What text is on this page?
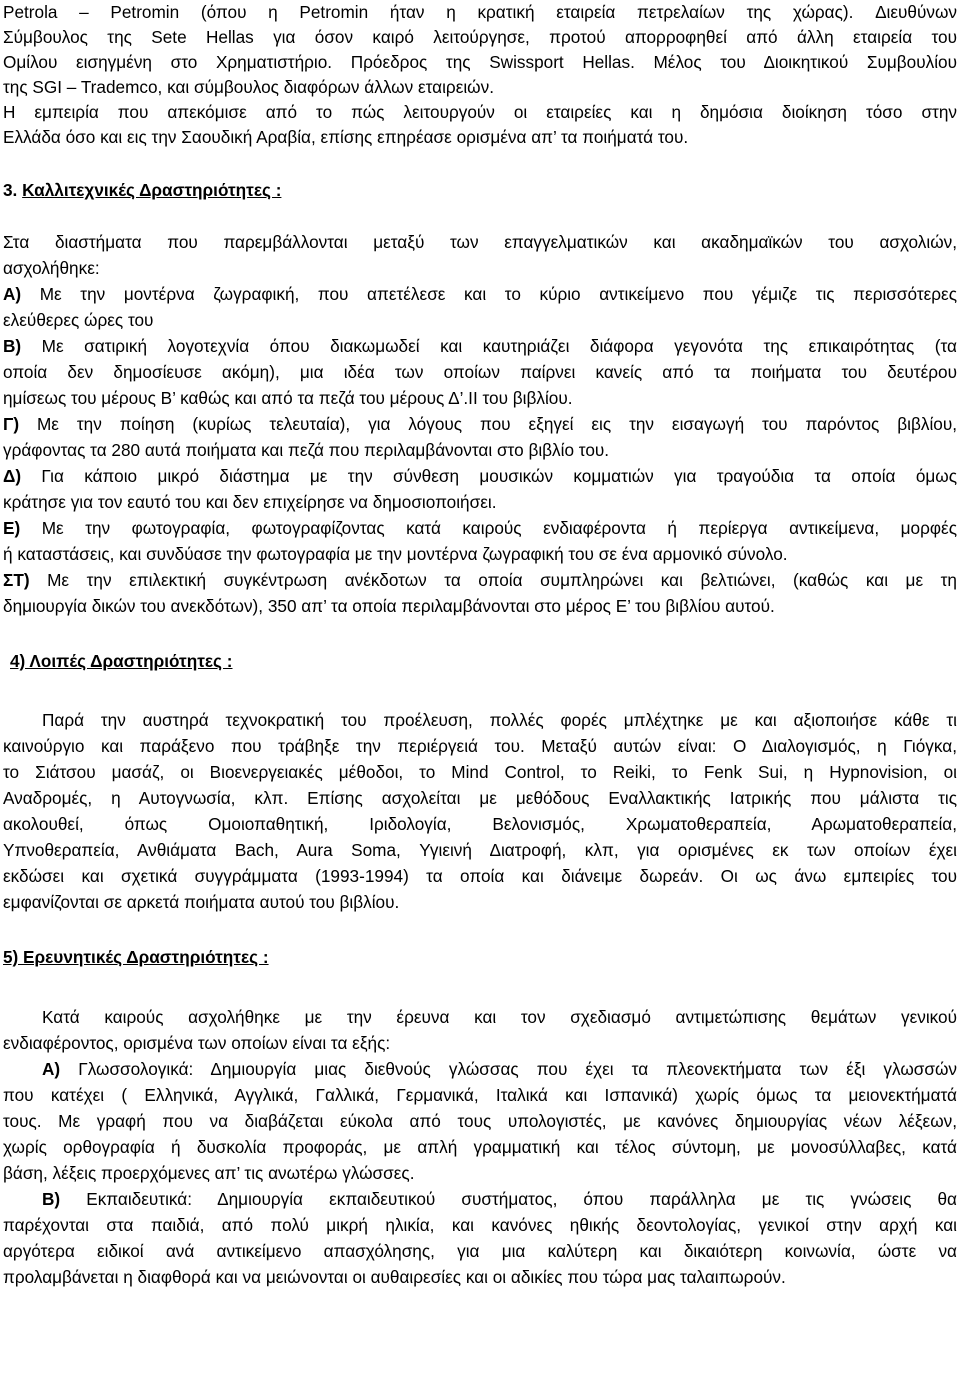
Petrola – Petromin (όπου η Petromin ήταν η κρατική εταιρεία πετρελαίων της χώρας). Διευθύνων
Σύμβουλος της Sete Hellas για όσον καιρό λειτούργησε, προτού απορροφηθεί από άλλη εταιρεία του
Ομίλου εισηγμένη στο Χρηματιστήριο. Πρόεδρος της Swissport Hellas. Μέλος του Διοικητικού Συμβουλίου
της SGI – Trademco, και σύμβουλος διαφόρων άλλων εταιρειών.
Η εμπειρία που απεκόμισε από το πώς λειτουργούν οι εταιρείες και η δημόσια διοίκηση τόσο στην
Ελλάδα όσο και εις την Σαουδική Αραβία, επίσης επηρέασε ορισμένα απ’ τα ποιήματά του.
3. Καλλιτεχνικές Δραστηριότητες :
Στα διαστήματα που παρεμβάλλονται μεταξύ των επαγγελματικών και ακαδημαϊκών του ασχολιών,
ασχολήθηκε:
Α) Με την μοντέρνα ζωγραφική, που απετέλεσε και το κύριο αντικείμενο που γέμιζε τις περισσότερες
ελεύθερες ώρες του
Β) Με σατιρική λογοτεχνία όπου διακωμωδεί και καυτηριάζει διάφορα γεγονότα της επικαιρότητας (τα
οποία δεν δημοσίευσε ακόμη), μια ιδέα των οποίων παίρνει κανείς από τα ποιήματα του δευτέρου
ημίσεως του μέρους Β’ καθώς και από τα πεζά του μέρους Δ’.ΙΙ του βιβλίου.
Γ) Με την ποίηση (κυρίως τελευταία), για λόγους που εξηγεί εις την εισαγωγή του παρόντος βιβλίου,
γράφοντας τα 280 αυτά ποιήματα και πεζά που περιλαμβάνονται στο βιβλίο του.
Δ) Για κάποιο μικρό διάστημα με την σύνθεση μουσικών κομματιών για τραγούδια τα οποία όμως
κράτησε για τον εαυτό του και δεν επιχείρησε να δημοσιοποιήσει.
Ε) Με την φωτογραφία, φωτογραφίζοντας κατά καιρούς ενδιαφέροντα ή περίεργα αντικείμενα, μορφές
ή καταστάσεις, και συνδύασε την φωτογραφία με την μοντέρνα ζωγραφική του σε ένα αρμονικό σύνολο.
ΣΤ) Με την επιλεκτική συγκέντρωση ανέκδοτων τα οποία συμπληρώνει και βελτιώνει, (καθώς και με τη
δημιουργία δικών του ανεκδότων), 350 απ’ τα οποία περιλαμβάνονται στο μέρος Ε’ του βιβλίου αυτού.
4) Λοιπές Δραστηριότητες :
Παρά την αυστηρά τεχνοκρατική του προέλευση, πολλές φορές μπλέχτηκε με και αξιοποιήσε κάθε τι
καινούργιο και παράξενο που τράβηξε την περιέργειά του. Μεταξύ αυτών είναι: Ο Διαλογισμός, η Γιόγκα,
το Σιάτσου μασάζ, οι Βιοενεργειακές μέθοδοι, το Mind Control, το Reiki, το Fenk Sui, η Hypnovision, οι
Αναδρομές, η Αυτογνωσία, κλπ. Επίσης ασχολείται με μεθόδους Εναλλακτικής Ιατρικής που μάλιστα τις
ακολουθεί, όπως Ομοιοπαθητική, Ιριδολογία, Βελονισμός, Χρωματοθεραπεία, Αρωματοθεραπεία,
Υπνοθεραπεία, Ανθιάματα Bach, Aura Soma, Υγιεινή Διατροφή, κλπ, για ορισμένες εκ των οποίων έχει
εκδώσει και σχετικά συγγράμματα (1993-1994) τα οποία και διάνειμε δωρεάν. Οι ως άνω εμπειρίες του
εμφανίζονται σε αρκετά ποιήματα αυτού του βιβλίου.
5) Ερευνητικές Δραστηριότητες :
Κατά καιρούς ασχολήθηκε με την έρευνα και τον σχεδιασμό αντιμετώπισης θεμάτων γενικού
ενδιαφέροντος, ορισμένα των οποίων είναι τα εξής:
Α) Γλωσσολογικά: Δημιουργία μιας διεθνούς γλώσσας που έχει τα πλεονεκτήματα των έξι γλωσσών
που κατέχει ( Ελληνικά, Αγγλικά, Γαλλικά, Γερμανικά, Ιταλικά και Ισπανικά) χωρίς όμως τα μειονεκτήματά
τους. Με γραφή που να διαβάζεται εύκολα από τους υπολογιστές, με κανόνες δημιουργίας νέων λέξεων,
χωρίς ορθογραφία ή δυσκολία προφοράς, με απλή γραμματική και τέλος σύντομη, με μονοσύλλαβες, κατά
βάση, λέξεις προερχόμενες απ’ τις ανωτέρω γλώσσες.
Β) Εκπαιδευτικά: Δημιουργία εκπαιδευτικού συστήματος, όπου παράλληλα με τις γνώσεις θα
παρέχονται στα παιδιά, από πολύ μικρή ηλικία, και κανόνες ηθικής δεοντολογίας, γενικοί στην αρχή και
αργότερα ειδικοί ανά αντικείμενο απασχόλησης, για μια καλύτερη και δικαιότερη κοινωνία, ώστε να
προλαμβάνεται η διαφθορά και να μειώνονται οι αυθαιρεσίες και οι αδικίες που τώρα μας ταλαιπωρούν.
